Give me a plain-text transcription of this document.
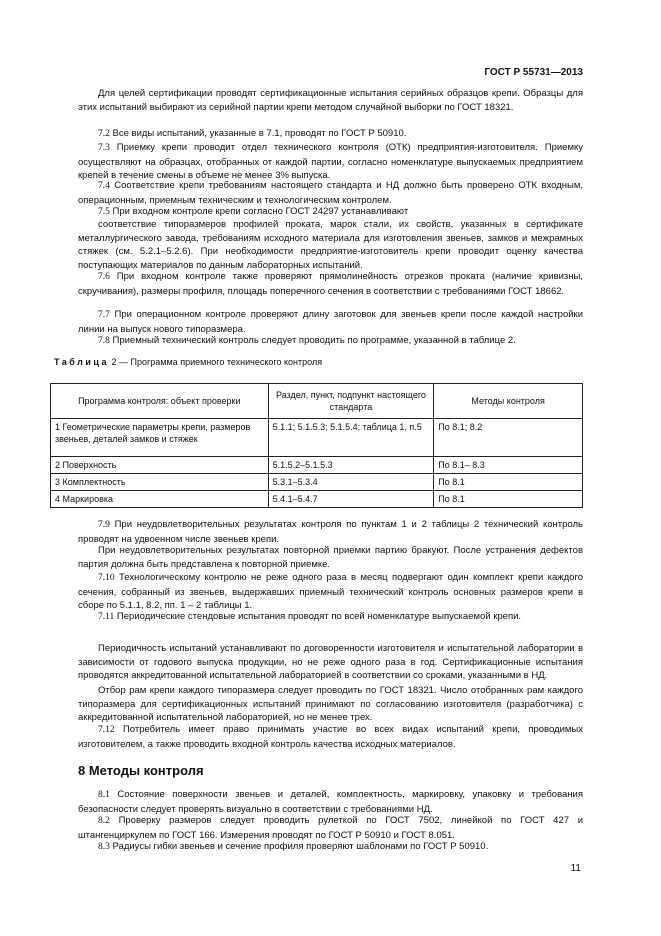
ГОСТ Р 55731—2013

Для целей сертификации проводят сертификационные испытания серийных образцов крепи. Образцы для этих испытаний выбирают из серийной партии крепи методом случайной выборки по ГОСТ 18321.

7.2 Все виды испытаний, указанные в 7.1, проводят по ГОСТ Р 50910.

7.3 Приемку крепи проводит отдел технического контроля (ОТК) предприятия-изготовителя. Приемку осуществляют на образцах, отобранных от каждой партии, согласно номенклатуре выпускаемых предприятием крепей в течение смены в объеме не менее 3% выпуска.

7.4 Соответствие крепи требованиям настоящего стандарта и НД должно быть проверено ОТК входным, операционным, приемным техническим и технологическим контролем.

7.5 При входном контроле крепи согласно ГОСТ 24297 устанавливают

соответствие типоразмеров профилей проката, марок стали, их свойств, указанных в сертификате металлургического завода, требованиям исходного материала для изготовления звеньев, замков и межрамных стяжек (см. 5.2.1–5.2.6). При необходимости предприятие-изготовитель крепи проводит оценку качества поступающих материалов по данным лабораторных испытаний.

7.6 При входном контроле также проверяют прямолинейность отрезков проката (наличие кривизны, скручивания), размеры профиля, площадь поперечного сечения в соответствии с требованиями ГОСТ 18662.

7.7 При операционном контроле проверяют длину заготовок для звеньев крепи после каждой настройки линии на выпуск нового типоразмера.

7.8 Приемный технический контроль следует проводить по программе, указанной в таблице 2.

Таблица 2 — Программа приемного технического контроля
Программа контроля: объект проверки	Раздел, пункт, подпункт настоящего стандарта	Методы контроля
1 Геометрические параметры крепи, размеров звеньев, деталей замков и стяжек	5.1.1; 5.1.5.3; 5.1.5.4; таблица 1, п.5	По 8.1; 8.2
2 Поверхность	5.1.5.2–5.1.5.3	По 8.1– 8.3
3 Комплектность	5.3.1–5.3.4	По 8.1
4 Маркировка	5.4.1–5.4.7	По 8.1

7.9 При неудовлетворительных результатах контроля по пунктам 1 и 2 таблицы 2 технический контроль проводят на удвоенном числе звеньев крепи.

При неудовлетворительных результатах повторной приемки партию бракуют. После устранения дефектов партия должна быть представлена к повторной приемке.

7.10 Технологическому контролю не реже одного раза в месяц подвергают один комплект крепи каждого сечения, собранный из звеньев, выдержавших приемный технический контроль основных размеров крепи в сборе по 5.1.1, 8.2, пп. 1 – 2 таблицы 1.

7.11 Периодические стендовые испытания проводят по всей номенклатуре выпускаемой крепи.

Периодичность испытаний устанавливают по договоренности изготовителя и испытательной лаборатории в зависимости от годового выпуска продукции, но не реже одного раза в год. Сертификационные испытания проводятся аккредитованной испытательной лабораторией в соответствии со сроками, указанными в НД.

Отбор рам крепи каждого типоразмера следует проводить по ГОСТ 18321. Число отобранных рам каждого типоразмера для сертификационных испытаний принимают по согласованию изготовителя (разработчика) с аккредитованной испытательной лабораторией, но не менее трех.

7.12 Потребитель имеет право принимать участие во всех видах испытаний крепи, проводимых изготовителем, а также проводить входной контроль качества исходных материалов.

8 Методы контроля

8.1 Состояние поверхности звеньев и деталей, комплектность, маркировку, упаковку и требования безопасности следует проверять визуально в соответствии с требованиями НД.

8.2 Проверку размеров следует проводить рулеткой по ГОСТ 7502, линейкой по ГОСТ 427 и штангенциркулем по ГОСТ 166. Измерения проводят по ГОСТ Р 50910 и ГОСТ 8.051.

8.3 Радиусы гибки звеньев и сечение профиля проверяют шаблонами по ГОСТ Р 50910.

11
